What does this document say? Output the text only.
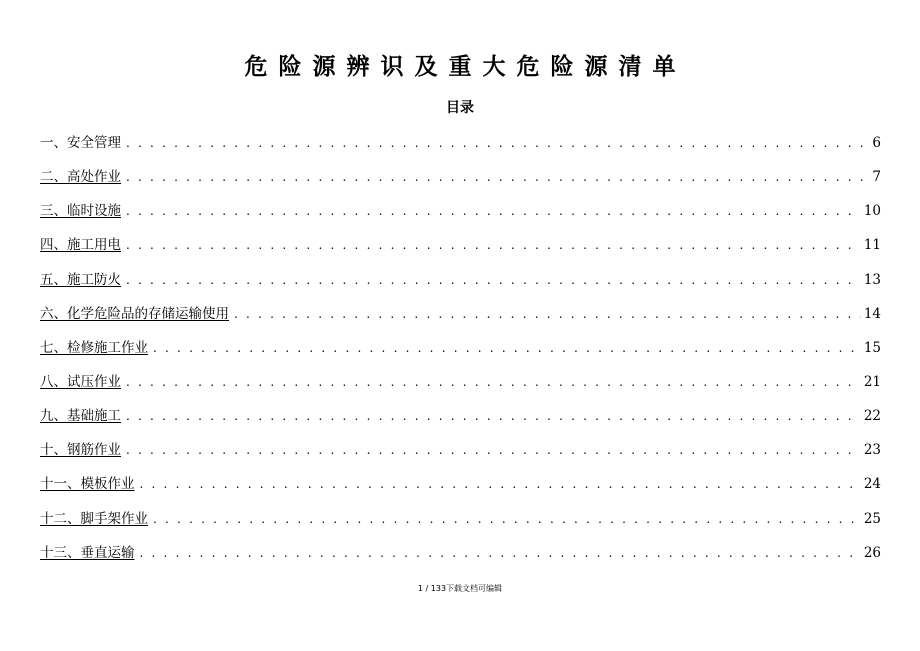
危险源辨识及重大危险源清单
目录
一、安全管理 . . .	6
二、高处作业 . . .	7
三、临时设施 . . .	10
四、施工用电 . . .	11
五、施工防火 . . .	13
六、化学危险品的存储运输使用 . . .	14
七、检修施工作业 . . .	15
八、试压作业 . . .	21
九、基础施工 . . .	22
十、钢筋作业 . . .	23
十一、模板作业 . . .	24
十二、脚手架作业 . . .	25
十三、垂直运输 . . .	26
1 / 133下载文档可编辑
